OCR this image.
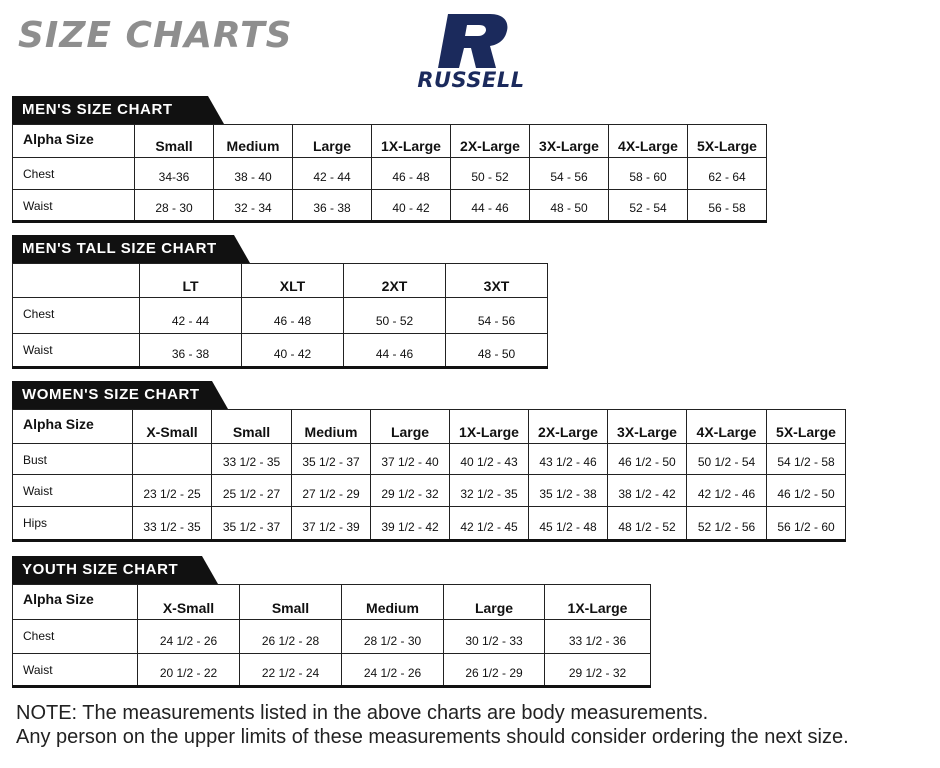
SIZE CHARTS
RUSSELL
MEN'S SIZE CHART
Alpha Size	Small	Medium	Large	1X-Large	2X-Large	3X-Large	4X-Large	5X-Large
Chest	34-36	38 - 40	42 - 44	46 - 48	50 - 52	54 - 56	58 - 60	62 - 64
Waist	28 - 30	32 - 34	36 - 38	40 - 42	44 - 46	48 - 50	52 - 54	56 - 58
MEN'S TALL SIZE CHART
	LT	XLT	2XT	3XT
Chest	42 - 44	46 - 48	50 - 52	54 - 56
Waist	36 - 38	40 - 42	44 - 46	48 - 50
WOMEN'S SIZE CHART
Alpha Size	X-Small	Small	Medium	Large	1X-Large	2X-Large	3X-Large	4X-Large	5X-Large
Bust		33 1/2 - 35	35 1/2 - 37	37 1/2 - 40	40 1/2 - 43	43 1/2 - 46	46 1/2 - 50	50 1/2 - 54	54 1/2 - 58
Waist	23 1/2 - 25	25 1/2 - 27	27 1/2 - 29	29 1/2 - 32	32 1/2 - 35	35 1/2 - 38	38 1/2 - 42	42 1/2 - 46	46 1/2 - 50
Hips	33 1/2 - 35	35 1/2 - 37	37 1/2 - 39	39 1/2 - 42	42 1/2 - 45	45 1/2 - 48	48 1/2 - 52	52 1/2 - 56	56 1/2 - 60
YOUTH SIZE CHART
Alpha Size	X-Small	Small	Medium	Large	1X-Large
Chest	24 1/2 - 26	26 1/2 - 28	28 1/2 - 30	30 1/2 - 33	33 1/2 - 36
Waist	20 1/2 - 22	22 1/2 - 24	24 1/2 - 26	26 1/2 - 29	29 1/2 - 32
NOTE: The measurements listed in the above charts are body measurements.
Any person on the upper limits of these measurements should consider ordering the next size.
